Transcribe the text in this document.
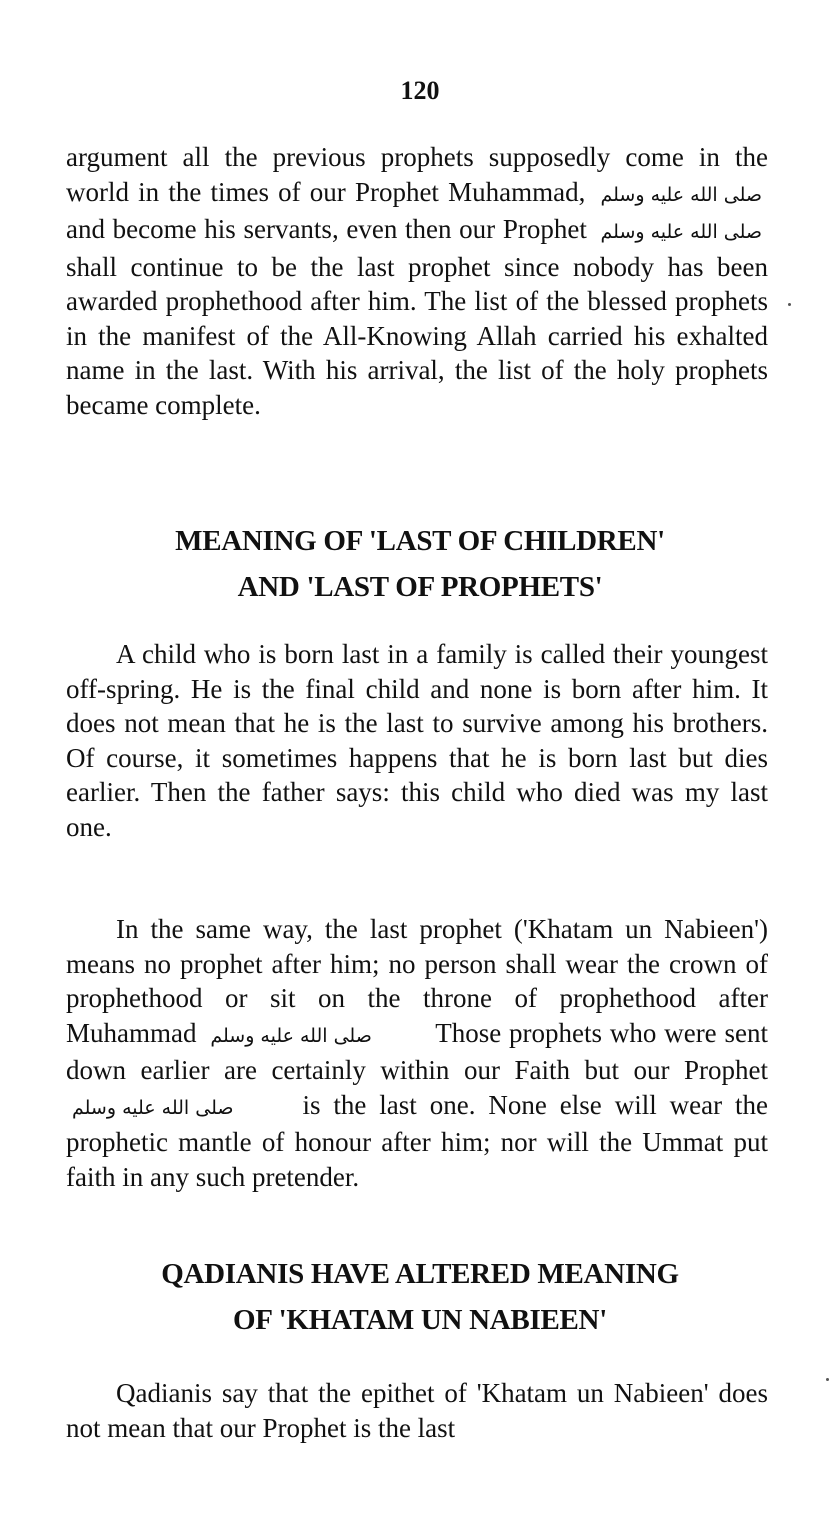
120
argument all the previous prophets supposedly come in the world in the times of our Prophet Muhammad, صلى الله عليه وسلم and become his servants, even then our Prophet صلى الله عليه وسلم shall continue to be the last prophet since nobody has been awarded prophethood after him. The list of the blessed prophets in the manifest of the All-Knowing Allah carried his exhalted name in the last. With his arrival, the list of the holy prophets became complete.
MEANING OF 'LAST OF CHILDREN'
AND 'LAST OF PROPHETS'
A child who is born last in a family is called their youngest off-spring. He is the final child and none is born after him. It does not mean that he is the last to survive among his brothers. Of course, it sometimes happens that he is born last but dies earlier. Then the father says: this child who died was my last one.
In the same way, the last prophet ('Khatam un Nabieen') means no prophet after him; no person shall wear the crown of prophethood or sit on the throne of prophethood after Muhammad صلى الله عليه وسلم Those prophets who were sent down earlier are certainly within our Faith but our Prophet صلى الله عليه وسلم	is the last one. None else will wear the prophetic mantle of honour after him; nor will the Ummat put faith in any such pretender.
QADIANIS HAVE ALTERED MEANING
OF 'KHATAM UN NABIEEN'
Qadianis say that the epithet of 'Khatam un Nabieen' does not mean that our Prophet is the last
